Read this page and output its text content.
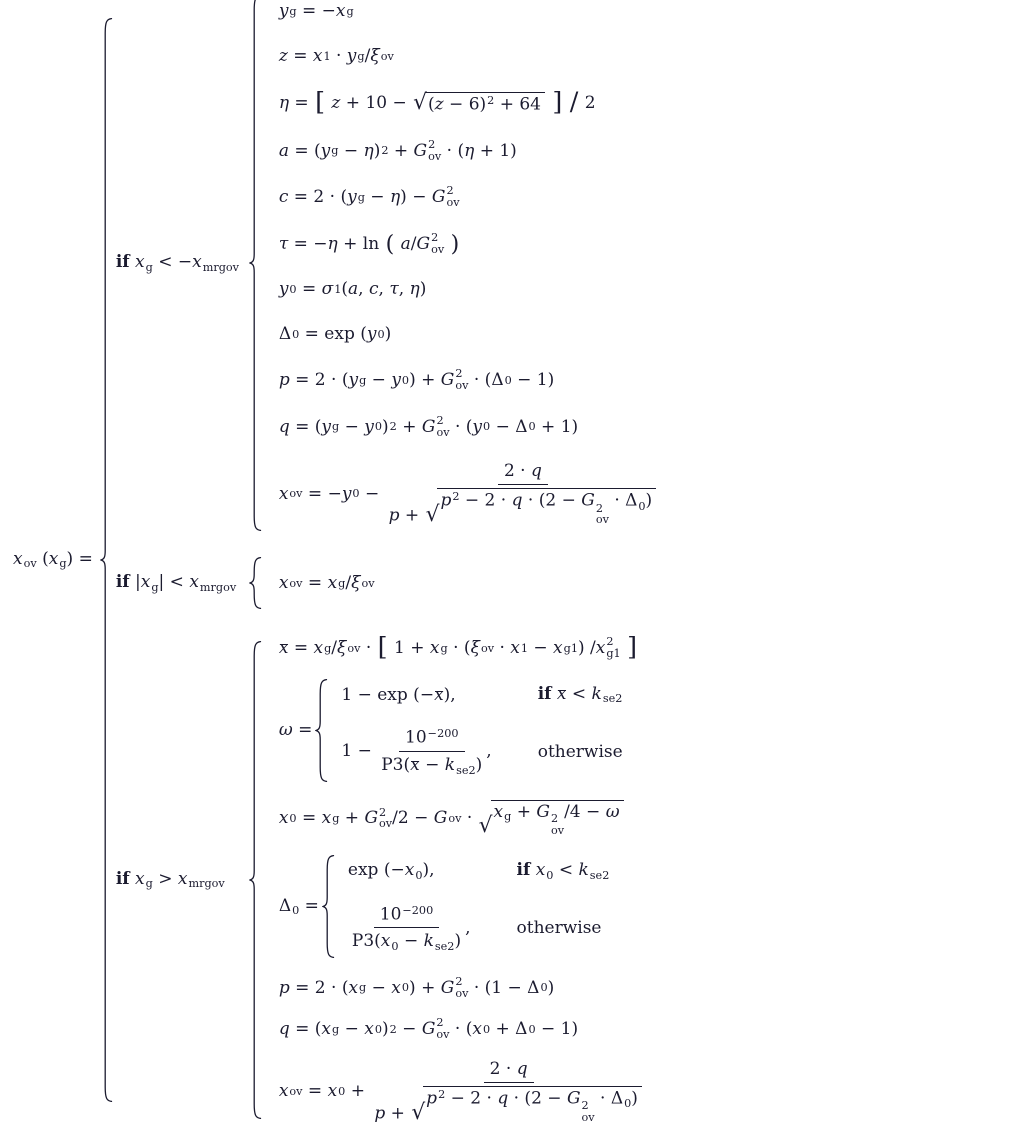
$x_{ov}$ $(x_g)$ =
if $x_g < -x_{mrgov}$
y g
=
− x g
z
=
x 1
·
y g / ξ ov
η
=
[
z
+
10
−
√ $(z - 6)^2 + 64$
]
/
2
a
=
( y g
−
η ) 2
+
G 2
ov
·
( η
+
1 )
c
=
2
·
( y g
−
η )
−
G 2
ov
τ
=
− η
+
ln
(
a / G 2
ov
)
y 0
=
σ 1 ( a ,
c ,
τ ,
η )
Δ 0
=
exp
( y 0 )
p
=
2
·
( y g
−
y 0 )
+
G 2
ov
·
( Δ 0
−
1 )
q
=
( y g
−
y 0 ) 2
+
G 2
ov
·
( y 0
−
Δ 0
+
1 )
x ov
=
− y 0
−
2 · q
p + √
$p^2 - 2 \cdot q \cdot (2 - G$ 2
ov
· $\Delta_0$)
if $|x_g| < x_{mrgov}$	x ov
=
x g / ξ ov
if $x_g > x_{mrgov}$
x
=
x g / ξ ov
·
[
1
+
x g
·
( ξ ov
·
x 1
−
x g1 )
/ x 2
g1
]
ω =
1 − exp (−x),	if $x < k_{se2}$
$1 - \frac{10^{-200}}{P3(x - k_{se2})}$ ,	otherwise
x 0
=
x g
+
G 2
ov / 2
−
G ov
·
√
$x_g + G$ 2
ov
/4 − ω
$\Delta_0$ =
$\exp (-x_0)$,	if $x_0 < k_{se2}$
$\frac{10^{-200}}{P3(x_0 - k_{se2})}$ ,	otherwise
p
=
2
·
( x g
−
x 0 )
+
G 2
ov
·
( 1
−
Δ 0 )
q
=
( x g
−
x 0 ) 2
−
G 2
ov
·
( x 0
+
Δ 0
−
1 )
x ov
=
x 0
+
2 · q
p + √
$p^2 - 2 \cdot q \cdot (2 - G$ 2
ov
· $\Delta_0$)
